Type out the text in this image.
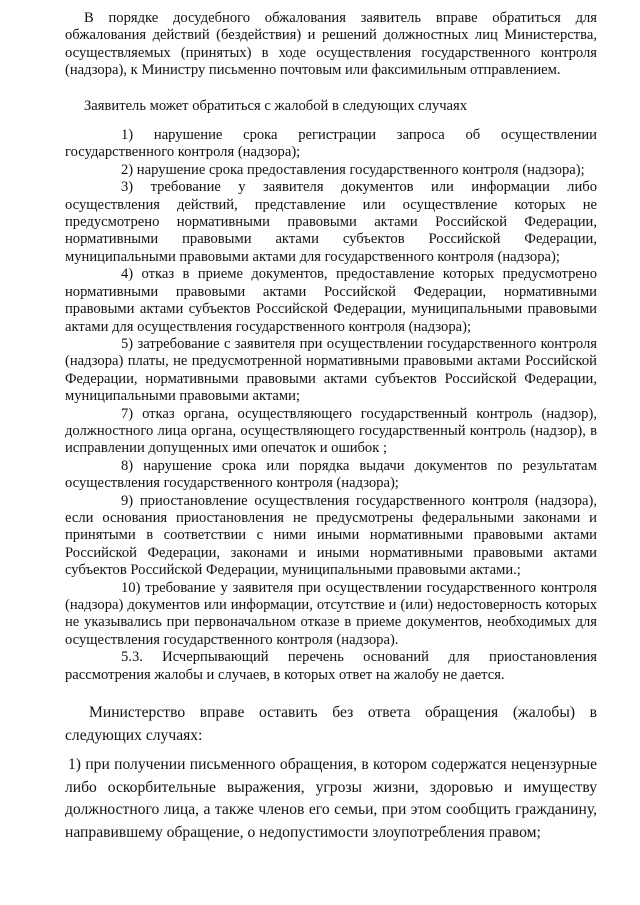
В порядке досудебного обжалования заявитель вправе обратиться для обжалования действий (бездействия) и решений должностных лиц Министерства, осуществляемых (принятых) в ходе осуществления государственного контроля (надзора), к Министру письменно почтовым или факсимильным отправлением.

Заявитель может обратиться с жалобой в следующих случаях

1) нарушение срока регистрации запроса об осуществлении государственного контроля (надзора);

2) нарушение срока предоставления государственного контроля (надзора);

3) требование у заявителя документов или информации либо осуществления действий, представление или осуществление которых не предусмотрено нормативными правовыми актами Российской Федерации, нормативными правовыми актами субъектов Российской Федерации, муниципальными правовыми актами для государственного контроля (надзора);

4) отказ в приеме документов, предоставление которых предусмотрено нормативными правовыми актами Российской Федерации, нормативными правовыми актами субъектов Российской Федерации, муниципальными правовыми актами для осуществления государственного контроля (надзора);

5) затребование с заявителя при осуществлении государственного контроля (надзора) платы, не предусмотренной нормативными правовыми актами Российской Федерации, нормативными правовыми актами субъектов Российской Федерации, муниципальными правовыми актами;

7) отказ органа, осуществляющего государственный контроль (надзор), должностного лица органа, осуществляющего государственный контроль (надзор), в исправлении допущенных ими опечаток и ошибок ;

8) нарушение срока или порядка выдачи документов по результатам осуществления государственного контроля (надзора);

9) приостановление осуществления государственного контроля (надзора), если основания приостановления не предусмотрены федеральными законами и принятыми в соответствии с ними иными нормативными правовыми актами Российской Федерации, законами и иными нормативными правовыми актами субъектов Российской Федерации, муниципальными правовыми актами.;

10) требование у заявителя при осуществлении государственного контроля (надзора) документов или информации, отсутствие и (или) недостоверность которых не указывались при первоначальном отказе в приеме документов, необходимых для осуществления государственного контроля (надзора).

5.3. Исчерпывающий перечень оснований для приостановления рассмотрения жалобы и случаев, в которых ответ на жалобу не дается.

Министерство вправе оставить без ответа обращения (жалобы) в следующих случаях:

1) при получении письменного обращения, в котором содержатся нецензурные либо оскорбительные выражения, угрозы жизни, здоровью и имуществу должностного лица, а также членов его семьи, при этом сообщить гражданину, направившему обращение, о недопустимости злоупотребления правом;
